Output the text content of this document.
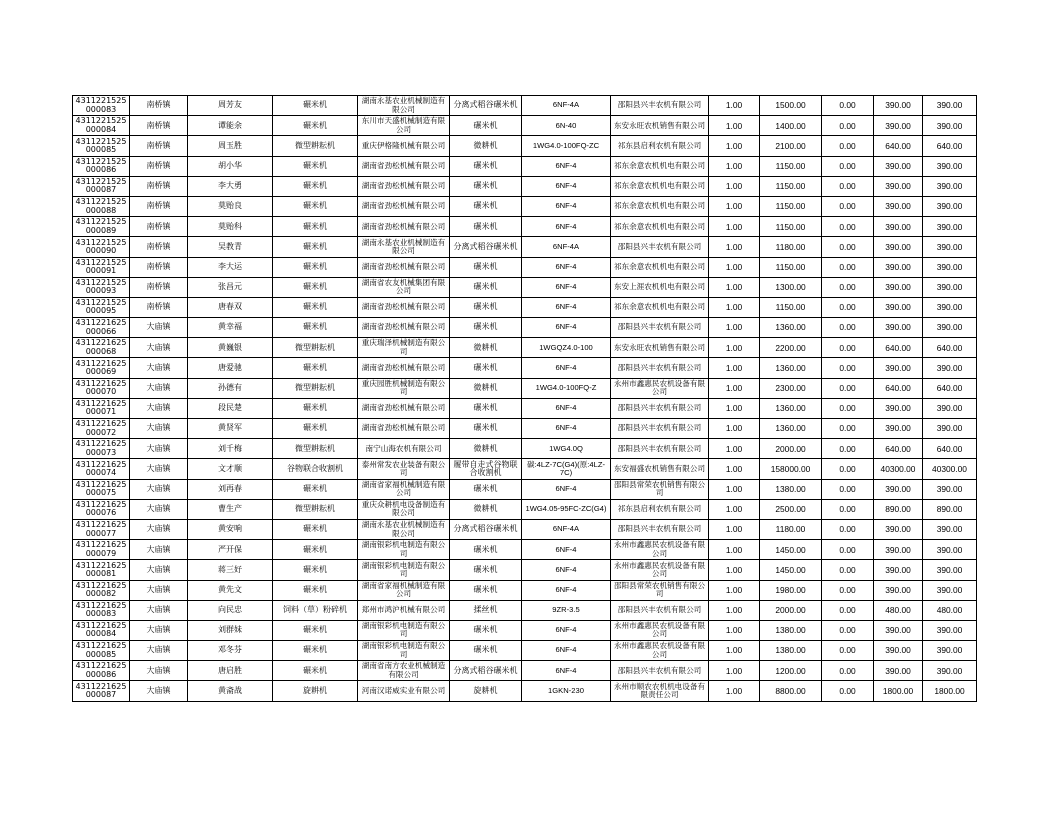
4311221525000083	南桥镇	周芳友	碾米机	湖南永基农业机械制造有限公司	分离式稻谷碾米机	6NF-4A	邵阳县兴丰农机有限公司	1.00	1500.00	0.00	390.00	390.00
4311221525000084	南桥镇	谭能余	碾米机	东川市天盛机械制造有限公司	碾米机	6N-40	东安永旺农机销售有限公司	1.00	1400.00	0.00	390.00	390.00
4311221525000085	南桥镇	周玉胜	微型耕耘机	重庆伊格隆机械有限公司	微耕机	1WG4.0-100FQ-ZC	祁东县启利农机有限公司	1.00	2100.00	0.00	640.00	640.00
4311221525000086	南桥镇	胡小华	碾米机	湖南省劲松机械有限公司	碾米机	6NF-4	祁东余意农机机电有限公司	1.00	1150.00	0.00	390.00	390.00
4311221525000087	南桥镇	李大勇	碾米机	湖南省劲松机械有限公司	碾米机	6NF-4	祁东余意农机机电有限公司	1.00	1150.00	0.00	390.00	390.00
4311221525000088	南桥镇	莫贻良	碾米机	湖南省劲松机械有限公司	碾米机	6NF-4	祁东余意农机机电有限公司	1.00	1150.00	0.00	390.00	390.00
4311221525000089	南桥镇	莫贻科	碾米机	湖南省劲松机械有限公司	碾米机	6NF-4	祁东余意农机机电有限公司	1.00	1150.00	0.00	390.00	390.00
4311221525000090	南桥镇	吴教青	碾米机	湖南永基农业机械制造有限公司	分离式稻谷碾米机	6NF-4A	邵阳县兴丰农机有限公司	1.00	1180.00	0.00	390.00	390.00
4311221525000091	南桥镇	李大运	碾米机	湖南省劲松机械有限公司	碾米机	6NF-4	祁东余意农机机电有限公司	1.00	1150.00	0.00	390.00	390.00
4311221525000093	南桥镇	张昌元	碾米机	湖南省农友机械集团有限公司	碾米机	6NF-4	东安上涯农机机电有限公司	1.00	1300.00	0.00	390.00	390.00
4311221525000095	南桥镇	唐春双	碾米机	湖南省劲松机械有限公司	碾米机	6NF-4	祁东余意农机机电有限公司	1.00	1150.00	0.00	390.00	390.00
4311221625000066	大庙镇	黄幸福	碾米机	湖南省劲松机械有限公司	碾米机	6NF-4	邵阳县兴丰农机有限公司	1.00	1360.00	0.00	390.00	390.00
4311221625000068	大庙镇	黄巍银	微型耕耘机	重庆瑞泽机械制造有限公司	微耕机	1WGQZ4.0-100	东安永旺农机销售有限公司	1.00	2200.00	0.00	640.00	640.00
4311221625000069	大庙镇	唐爱驰	碾米机	湖南省劲松机械有限公司	碾米机	6NF-4	邵阳县兴丰农机有限公司	1.00	1360.00	0.00	390.00	390.00
4311221625000070	大庙镇	孙德有	微型耕耘机	重庆园胜机械制造有限公司	微耕机	1WG4.0-100FQ-Z	永州市鑫惠民农机设备有限公司	1.00	2300.00	0.00	640.00	640.00
4311221625000071	大庙镇	段民楚	碾米机	湖南省劲松机械有限公司	碾米机	6NF-4	邵阳县兴丰农机有限公司	1.00	1360.00	0.00	390.00	390.00
4311221625000072	大庙镇	黄贤军	碾米机	湖南省劲松机械有限公司	碾米机	6NF-4	邵阳县兴丰农机有限公司	1.00	1360.00	0.00	390.00	390.00
4311221625000073	大庙镇	刘千梅	微型耕耘机	南宁山海农机有限公司	微耕机	1WG4.0Q	邵阳县兴丰农机有限公司	1.00	2000.00	0.00	640.00	640.00
4311221625000074	大庙镇	文才顺	谷物联合收割机	泰州常发农业装备有限公司	履带自走式谷物联合收割机	碳:4LZ-7C(G4)(原:4LZ-7C)	东安福盛农机销售有限公司	1.00	158000.00	0.00	40300.00	40300.00
4311221625000075	大庙镇	刘再春	碾米机	湖南省家福机械制造有限公司	碾米机	6NF-4	邵阳县常荣农机销售有限公司	1.00	1380.00	0.00	390.00	390.00
4311221625000076	大庙镇	曹生产	微型耕耘机	重庆众耕机电设备制造有限公司	微耕机	1WG4.05-95FC-ZC(G4)	祁东县启利农机有限公司	1.00	2500.00	0.00	890.00	890.00
4311221625000077	大庙镇	黄安响	碾米机	湖南永基农业机械制造有限公司	分离式稻谷碾米机	6NF-4A	邵阳县兴丰农机有限公司	1.00	1180.00	0.00	390.00	390.00
4311221625000079	大庙镇	严开保	碾米机	湖南银彩机电制造有限公司	碾米机	6NF-4	永州市鑫惠民农机设备有限公司	1.00	1450.00	0.00	390.00	390.00
4311221625000081	大庙镇	蒋三好	碾米机	湖南银彩机电制造有限公司	碾米机	6NF-4	永州市鑫惠民农机设备有限公司	1.00	1450.00	0.00	390.00	390.00
4311221625000082	大庙镇	黄先文	碾米机	湖南省家福机械制造有限公司	碾米机	6NF-4	邵阳县常荣农机销售有限公司	1.00	1980.00	0.00	390.00	390.00
4311221625000083	大庙镇	向民忠	饲料（草）粉碎机	郑州市鸿沪机械有限公司	揉丝机	9ZR-3.5	邵阳县兴丰农机有限公司	1.00	2000.00	0.00	480.00	480.00
4311221625000084	大庙镇	刘群妹	碾米机	湖南银彩机电制造有限公司	碾米机	6NF-4	永州市鑫惠民农机设备有限公司	1.00	1380.00	0.00	390.00	390.00
4311221625000085	大庙镇	邓冬芬	碾米机	湖南银彩机电制造有限公司	碾米机	6NF-4	永州市鑫惠民农机设备有限公司	1.00	1380.00	0.00	390.00	390.00
4311221625000086	大庙镇	唐启胜	碾米机	湖南省南方农业机械制造有限公司	分离式稻谷碾米机	6NF-4	邵阳县兴丰农机有限公司	1.00	1200.00	0.00	390.00	390.00
4311221625000087	大庙镇	黄斋战	旋耕机	河南汉诺威实业有限公司	旋耕机	1GKN-230	永州市顺农农机机电设备有限责任公司	1.00	8800.00	0.00	1800.00	1800.00
